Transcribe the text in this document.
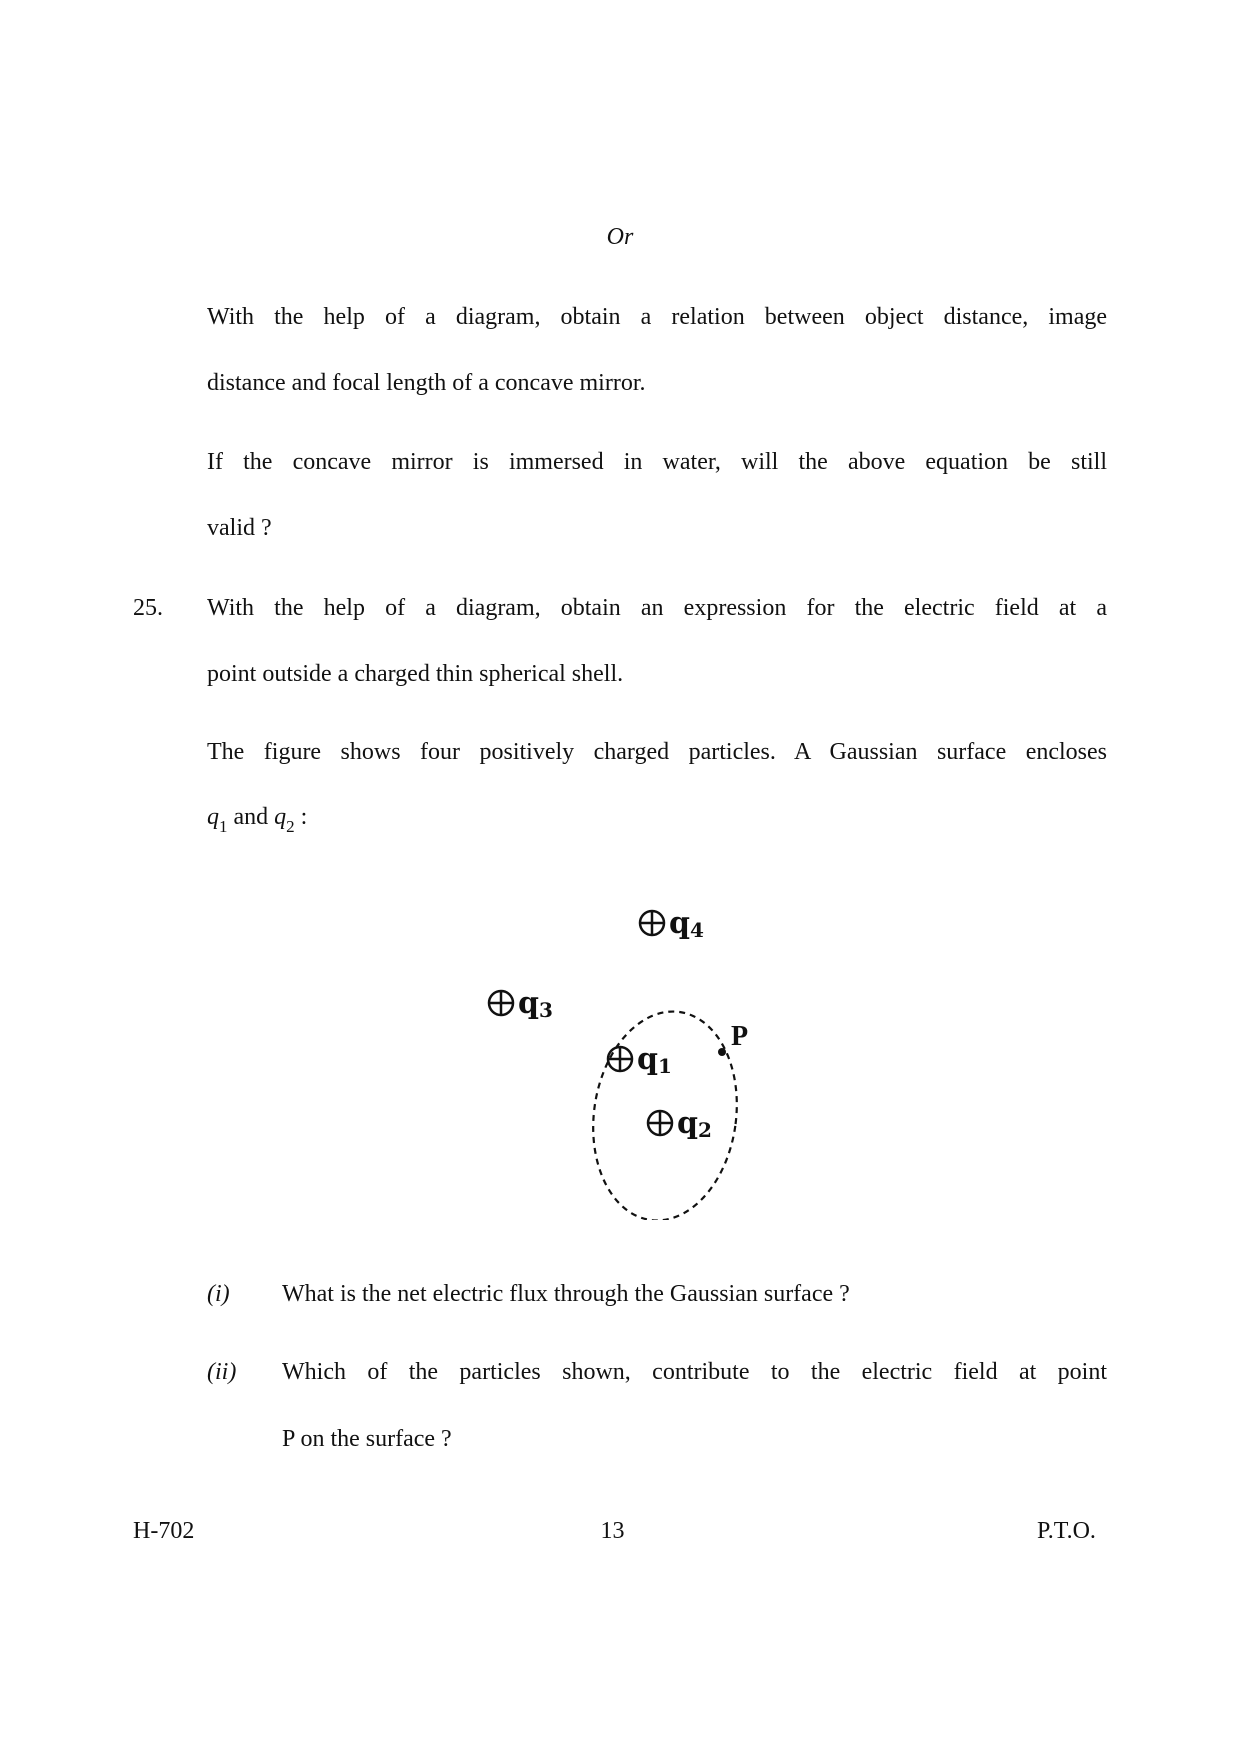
Or
With the help of a diagram, obtain a relation between object distance, image
distance and focal length of a concave mirror.
If the concave mirror is immersed in water, will the above equation be still
valid ?
25. With the help of a diagram, obtain an expression for the electric field at a
point outside a charged thin spherical shell.
The figure shows four positively charged particles. A Gaussian surface encloses
$q_1$ and $q_2$ :
q4
q3
q1
q2
P
(i) What is the net electric flux through the Gaussian surface ?
(ii) Which of the particles shown, contribute to the electric field at point
P on the surface ?
H-702	13	P.T.O.
